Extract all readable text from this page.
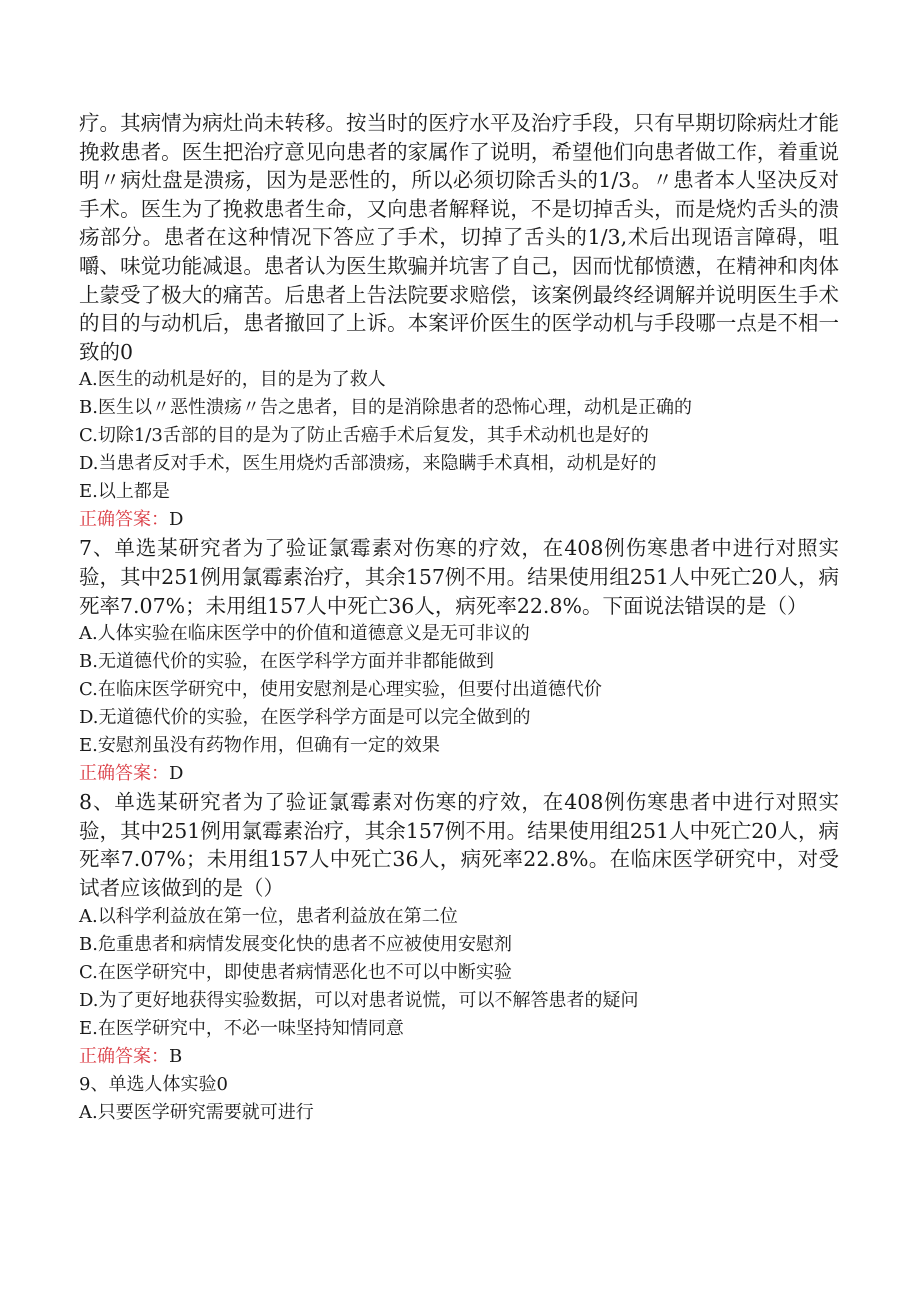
疗。其病情为病灶尚未转移。按当时的医疗水平及治疗手段，只有早期切除病灶才能挽救患者。医生把治疗意见向患者的家属作了说明，希望他们向患者做工作，着重说明〃病灶盘是溃疡，因为是恶性的，所以必须切除舌头的1/3。〃患者本人坚决反对手术。医生为了挽救患者生命，又向患者解释说，不是切掉舌头，而是烧灼舌头的溃疡部分。患者在这种情况下答应了手术，切掉了舌头的1/3,术后出现语言障碍，咀嚼、味觉功能减退。患者认为医生欺骗并坑害了自己，因而忧郁愤懑，在精神和肉体上蒙受了极大的痛苦。后患者上告法院要求赔偿，该案例最终经调解并说明医生手术的目的与动机后，患者撤回了上诉。本案评价医生的医学动机与手段哪一点是不相一致的0

A.医生的动机是好的，目的是为了救人

B.医生以〃恶性溃疡〃告之患者，目的是消除患者的恐怖心理，动机是正确的

C.切除1/3舌部的目的是为了防止舌癌手术后复发，其手术动机也是好的

D.当患者反对手术，医生用烧灼舌部溃疡，来隐瞒手术真相，动机是好的

E.以上都是

正确答案：D

7、单选某研究者为了验证氯霉素对伤寒的疗效，在408例伤寒患者中进行对照实验，其中251例用氯霉素治疗，其余157例不用。结果使用组251人中死亡20人，病死率7.07%；未用组157人中死亡36人，病死率22.8%。下面说法错误的是（）

A.人体实验在临床医学中的价值和道德意义是无可非议的

B.无道德代价的实验，在医学科学方面并非都能做到

C.在临床医学研究中，使用安慰剂是心理实验，但要付出道德代价

D.无道德代价的实验，在医学科学方面是可以完全做到的

E.安慰剂虽没有药物作用，但确有一定的效果

正确答案：D

8、单选某研究者为了验证氯霉素对伤寒的疗效，在408例伤寒患者中进行对照实验，其中251例用氯霉素治疗，其余157例不用。结果使用组251人中死亡20人，病死率7.07%；未用组157人中死亡36人，病死率22.8%。在临床医学研究中，对受试者应该做到的是（）

A.以科学利益放在第一位，患者利益放在第二位

B.危重患者和病情发展变化快的患者不应被使用安慰剂

C.在医学研究中，即使患者病情恶化也不可以中断实验

D.为了更好地获得实验数据，可以对患者说慌，可以不解答患者的疑问

E.在医学研究中，不必一味坚持知情同意

正确答案：B

9、单选人体实验0

A.只要医学研究需要就可进行
